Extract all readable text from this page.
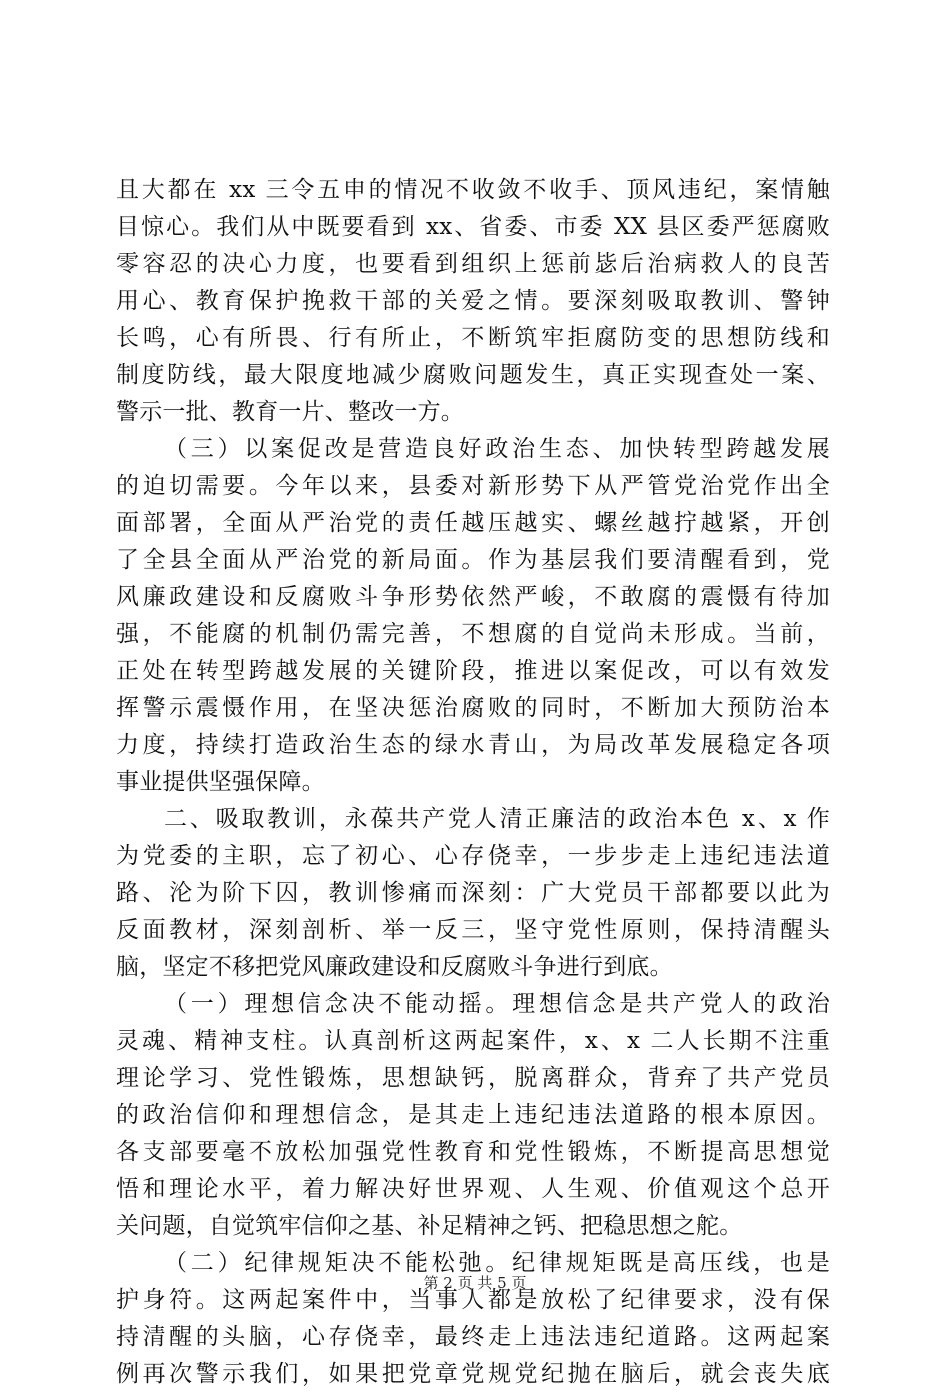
且大都在 xx 三令五申的情况不收敛不收手、顶风违纪，案情触
目惊心。我们从中既要看到 xx、省委、市委 XX 县区委严惩腐败
零容忍的决心力度，也要看到组织上惩前毖后治病救人的良苦
用心、教育保护挽救干部的关爱之情。要深刻吸取教训、警钟
长鸣，心有所畏、行有所止，不断筑牢拒腐防变的思想防线和
制度防线，最大限度地减少腐败问题发生，真正实现查处一案、
警示一批、教育一片、整改一方。
（三）以案促改是营造良好政治生态、加快转型跨越发展
的迫切需要。今年以来，县委对新形势下从严管党治党作出全
面部署，全面从严治党的责任越压越实、螺丝越拧越紧，开创
了全县全面从严治党的新局面。作为基层我们要清醒看到，党
风廉政建设和反腐败斗争形势依然严峻，不敢腐的震慑有待加
强，不能腐的机制仍需完善，不想腐的自觉尚未形成。当前，
正处在转型跨越发展的关键阶段，推进以案促改，可以有效发
挥警示震慑作用，在坚决惩治腐败的同时，不断加大预防治本
力度，持续打造政治生态的绿水青山，为局改革发展稳定各项
事业提供坚强保障。
二、吸取教训，永葆共产党人清正廉洁的政治本色 x、x 作
为党委的主职，忘了初心、心存侥幸，一步步走上违纪违法道
路、沦为阶下囚，教训惨痛而深刻：广大党员干部都要以此为
反面教材，深刻剖析、举一反三，坚守党性原则，保持清醒头
脑，坚定不移把党风廉政建设和反腐败斗争进行到底。
（一）理想信念决不能动摇。理想信念是共产党人的政治
灵魂、精神支柱。认真剖析这两起案件，x、x 二人长期不注重
理论学习、党性锻炼，思想缺钙，脱离群众，背弃了共产党员
的政治信仰和理想信念，是其走上违纪违法道路的根本原因。
各支部要毫不放松加强党性教育和党性锻炼，不断提高思想觉
悟和理论水平，着力解决好世界观、人生观、价值观这个总开
关问题，自觉筑牢信仰之基、补足精神之钙、把稳思想之舵。
（二）纪律规矩决不能松弛。纪律规矩既是高压线，也是
护身符。这两起案件中，当事人都是放松了纪律要求，没有保
持清醒的头脑，心存侥幸，最终走上违法违纪道路。这两起案
例再次警示我们，如果把党章党规党纪抛在脑后，就会丧失底
第 2 页 共 5 页
